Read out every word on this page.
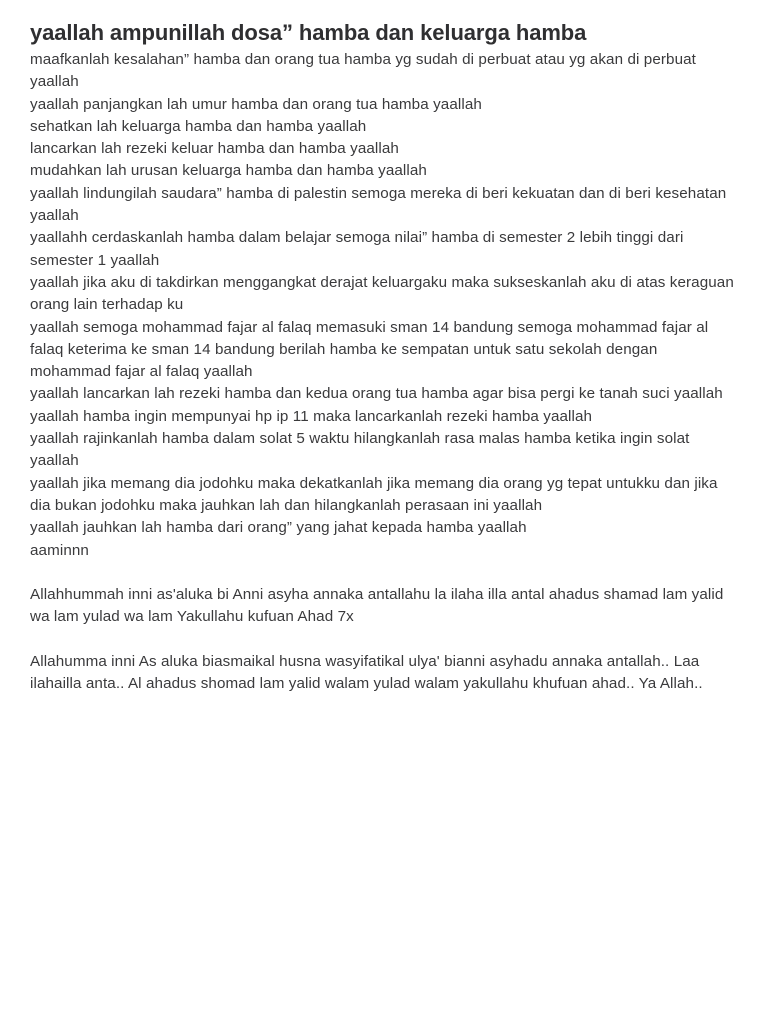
yaallah ampunillah dosa” hamba dan keluarga hamba

maafkanlah kesalahan” hamba dan orang tua hamba yg sudah di perbuat atau yg akan di perbuat yaallah

yaallah panjangkan lah umur hamba dan orang tua hamba yaallah

sehatkan lah keluarga hamba dan hamba yaallah

lancarkan lah rezeki keluar hamba dan hamba yaallah

mudahkan lah urusan keluarga hamba dan hamba yaallah

yaallah lindungilah saudara” hamba di palestin semoga mereka di beri kekuatan dan di beri kesehatan yaallah

yaallahh cerdaskanlah hamba dalam belajar semoga nilai” hamba di semester 2 lebih tinggi dari semester 1 yaallah

yaallah jika aku di takdirkan menggangkat derajat keluargaku maka sukseskanlah aku di atas keraguan orang lain terhadap ku

yaallah semoga mohammad fajar al falaq memasuki sman 14 bandung semoga mohammad fajar al falaq keterima ke sman 14 bandung berilah hamba ke sempatan untuk satu sekolah dengan mohammad fajar al falaq yaallah

yaallah lancarkan lah rezeki hamba dan kedua orang tua hamba agar bisa pergi ke tanah suci yaallah

yaallah hamba ingin mempunyai hp ip 11 maka lancarkanlah rezeki hamba yaallah

yaallah rajinkanlah hamba dalam solat 5 waktu hilangkanlah rasa malas hamba ketika ingin solat yaallah

yaallah jika memang dia jodohku maka dekatkanlah jika memang dia orang yg tepat untukku dan jika dia bukan jodohku maka jauhkan lah dan hilangkanlah perasaan ini yaallah

yaallah jauhkan lah hamba dari orang” yang jahat kepada hamba yaallah

aaminnn

Allahhummah inni as'aluka bi Anni asyha annaka antallahu la ilaha illa antal ahadus shamad lam yalid wa lam yulad wa lam Yakullahu kufuan Ahad 7x

Allahumma inni As aluka biasmaikal husna wasyifatikal ulya' bianni asyhadu annaka antallah.. Laa ilahailla anta.. Al ahadus shomad lam yalid walam yulad walam yakullahu khufuan ahad.. Ya Allah..
